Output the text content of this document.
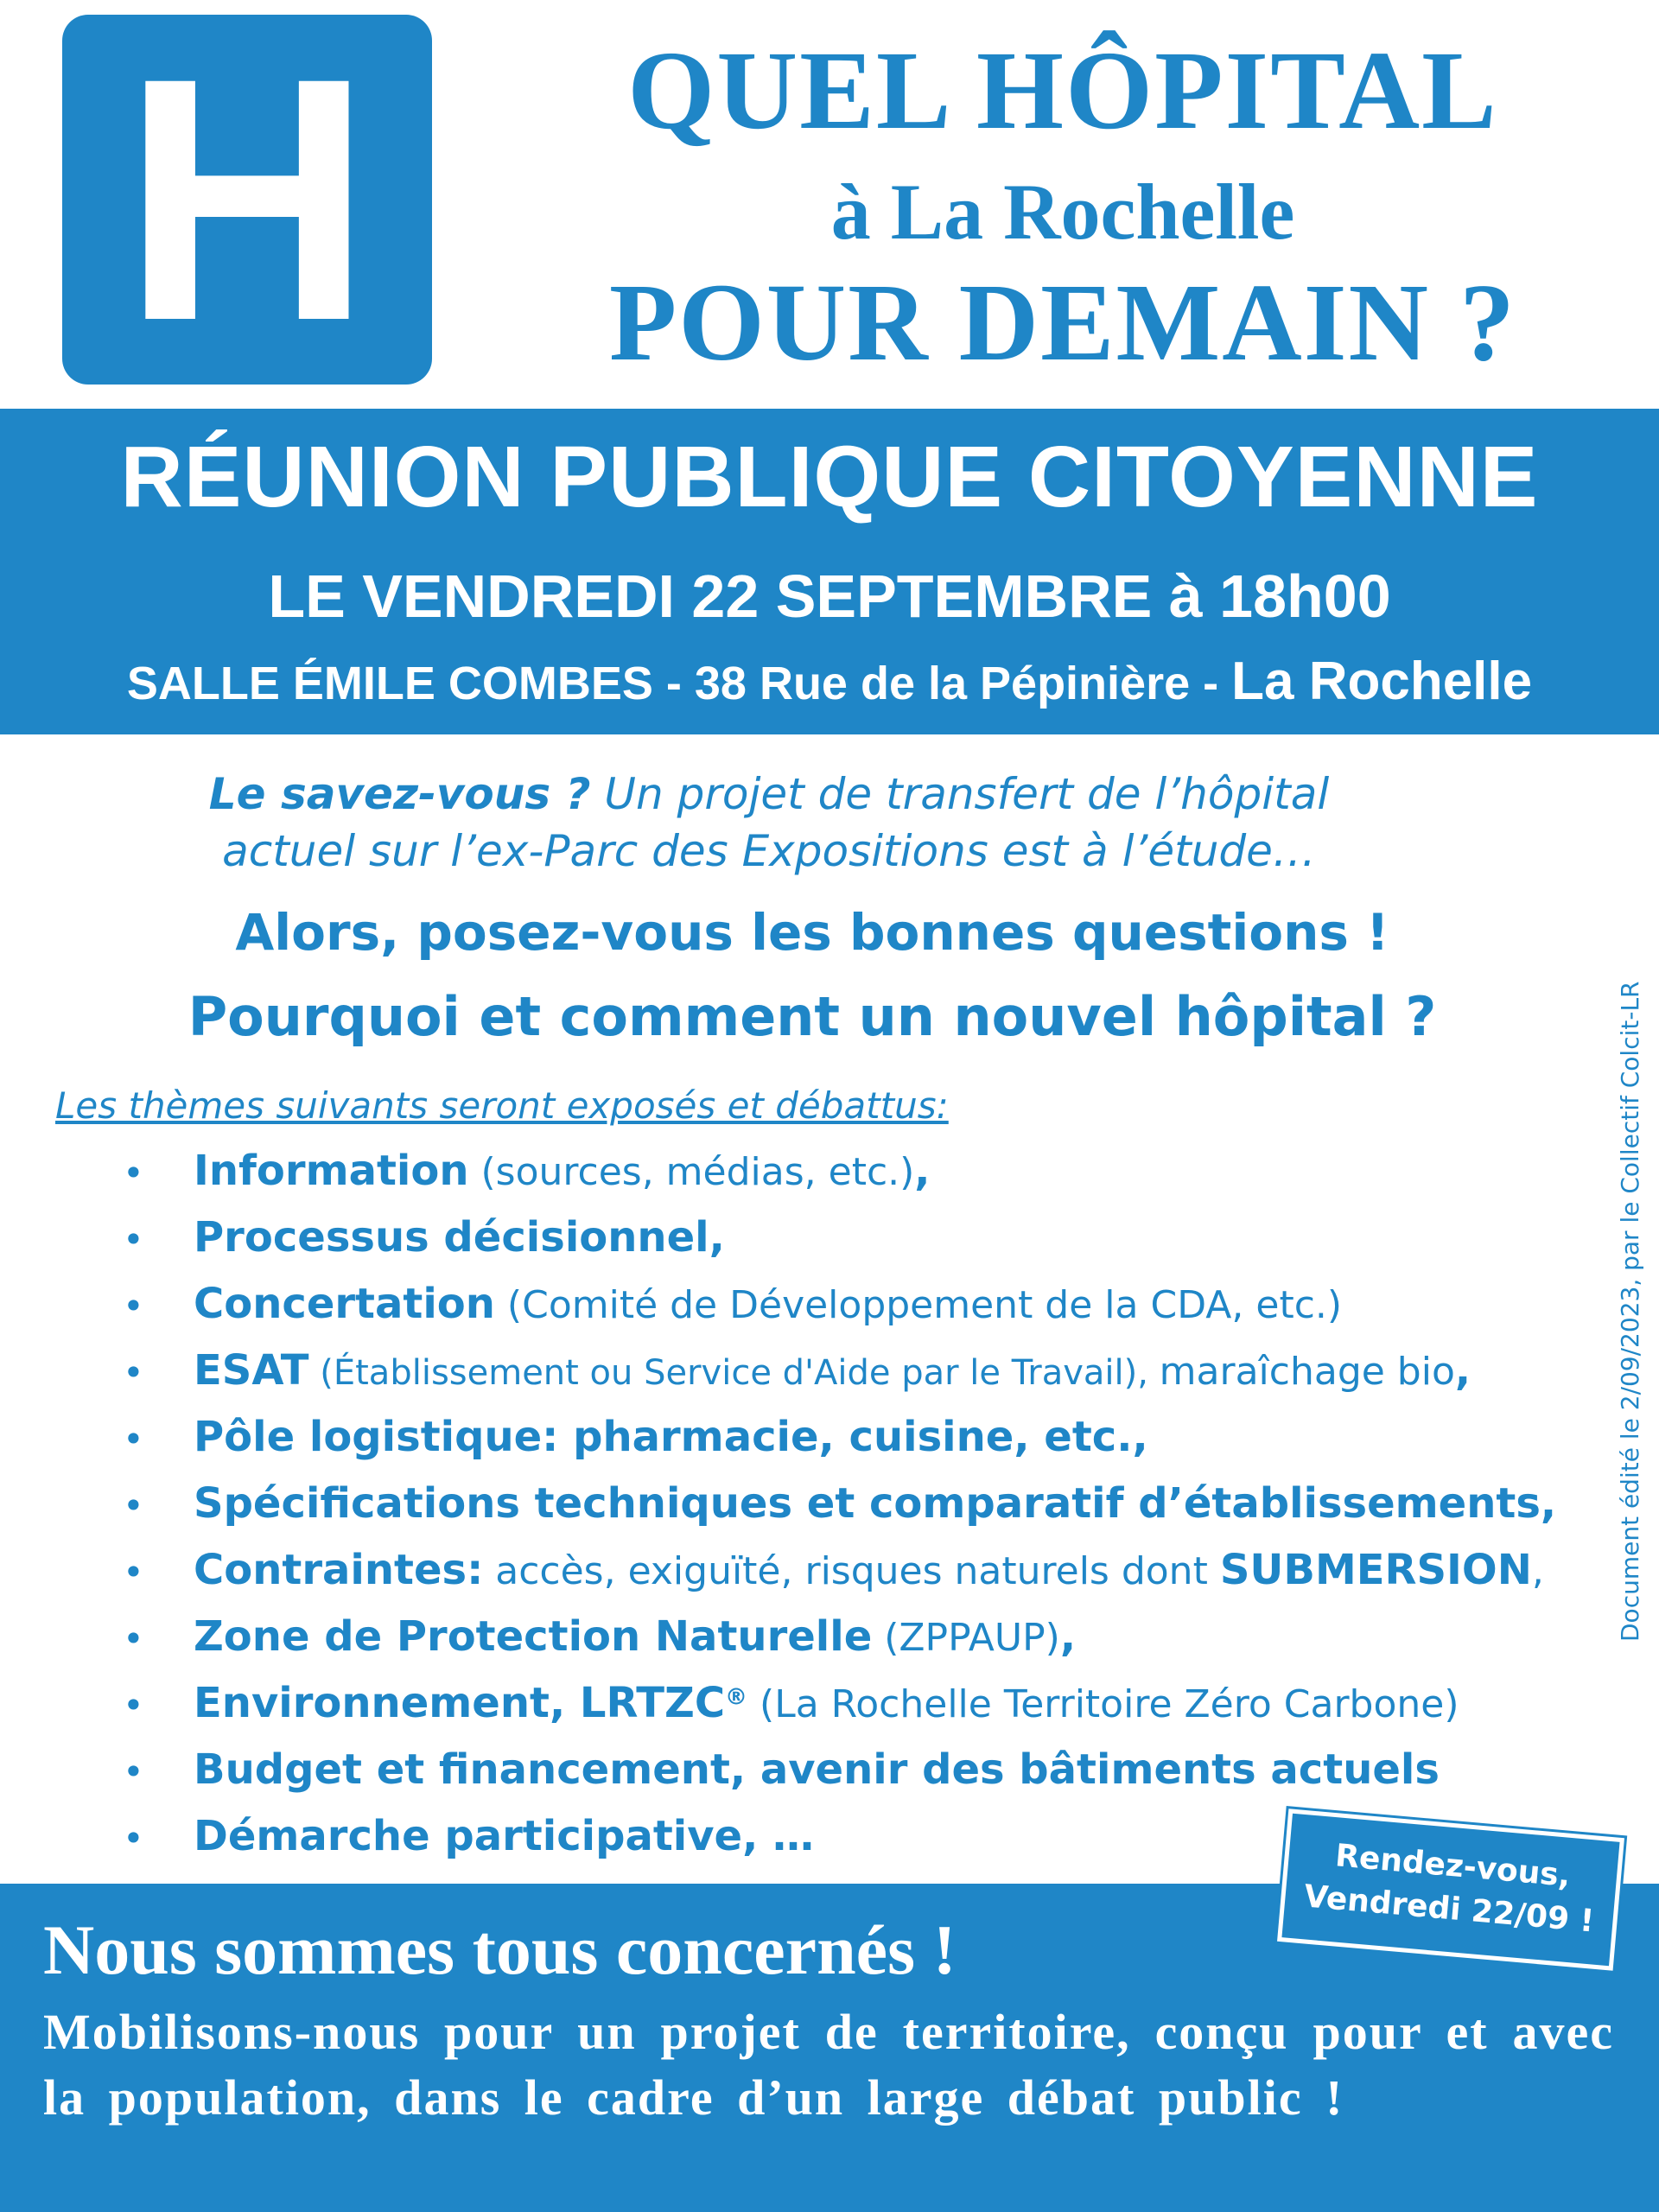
H	QUEL HÔPITAL
à La Rochelle
POUR DEMAIN ?
RÉUNION PUBLIQUE CITOYENNE
LE VENDREDI 22 SEPTEMBRE à 18h00
SALLE ÉMILE COMBES - 38 Rue de la Pépinière - La Rochelle
Le savez-vous ? Un projet de transfert de l’hôpital
actuel sur l’ex-Parc des Expositions est à l’étude…
Alors, posez-vous les bonnes questions !
Pourquoi et comment un nouvel hôpital ?
Les thèmes suivants seront exposés et débattus:
• Information (sources, médias, etc.),
• Processus décisionnel,
• Concertation (Comité de Développement de la CDA, etc.)
• ESAT (Établissement ou Service d'Aide par le Travail), maraîchage bio,
• Pôle logistique: pharmacie, cuisine, etc.,
• Spécifications techniques et comparatif d’établissements,
• Contraintes: accès, exiguïté, risques naturels dont SUBMERSION,
• Zone de Protection Naturelle (ZPPAUP),
• Environnement, LRTZC® (La Rochelle Territoire Zéro Carbone)
• Budget et financement, avenir des bâtiments actuels
• Démarche participative, …
Document édité le 2/09/2023, par le Collectif Colcit-LR
Nous sommes tous concernés !
Mobilisons-nous pour un projet de territoire, conçu pour et avec la population, dans le cadre d’un large débat public !
Rendez-vous,
Vendredi 22/09 !
